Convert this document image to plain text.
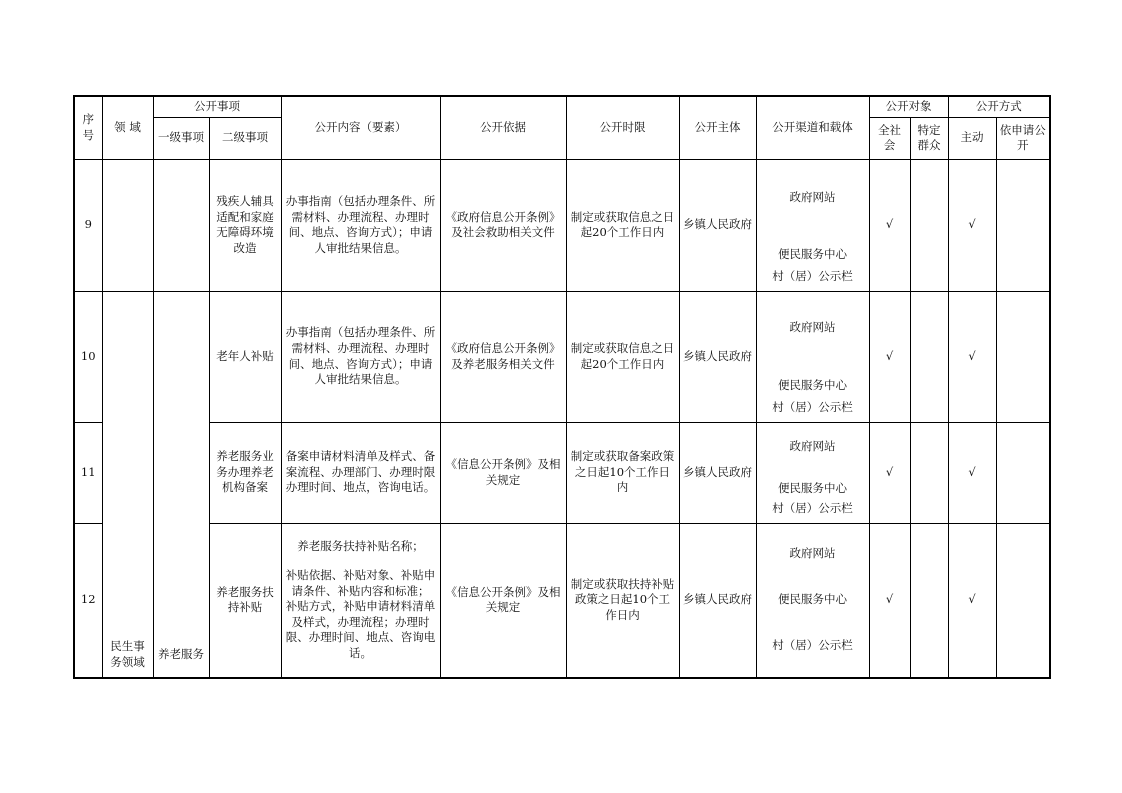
序号	领 域	公开事项		公开内容（要素）	公开依据	公开时限	公开主体	公开渠道和载体	公开对象		公开方式	
		一级事项	二级事项						全社会	特定群众	主动	依申请公开
9			残疾人辅具适配和家庭无障碍环境改造	办事指南（包括办理条件、所需材料、办理流程、办理时间、地点、咨询方式）；申请人审批结果信息。	《政府信息公开条例》及社会救助相关文件	制定或获取信息之日起20个工作日内	乡镇人民政府	政府网站
便民服务中心
村（居）公示栏	√		√	
10	民生事务领域	养老服务	老年人补贴	办事指南（包括办理条件、所需材料、办理流程、办理时间、地点、咨询方式）；申请人审批结果信息。	《政府信息公开条例》及养老服务相关文件	制定或获取信息之日起20个工作日内	乡镇人民政府	政府网站
便民服务中心
村（居）公示栏	√		√	
11			养老服务业务办理养老机构备案	备案申请材料清单及样式、备案流程、办理部门、办理时限办理时间、地点，咨询电话。	《信息公开条例》及相关规定	制定或获取备案政策之日起10个工作日内	乡镇人民政府	政府网站
便民服务中心
村（居）公示栏	√		√	
12			养老服务扶持补贴	养老服务扶持补贴名称；
补贴依据、补贴对象、补贴申请条件、补贴内容和标准；
补贴方式，补贴申请材料清单及样式，办理流程；办理时限、办理时间、地点、咨询电话。	《信息公开条例》及相关规定	制定或获取扶持补贴政策之日起10个工作日内	乡镇人民政府	政府网站
便民服务中心
村（居）公示栏	√		√	
